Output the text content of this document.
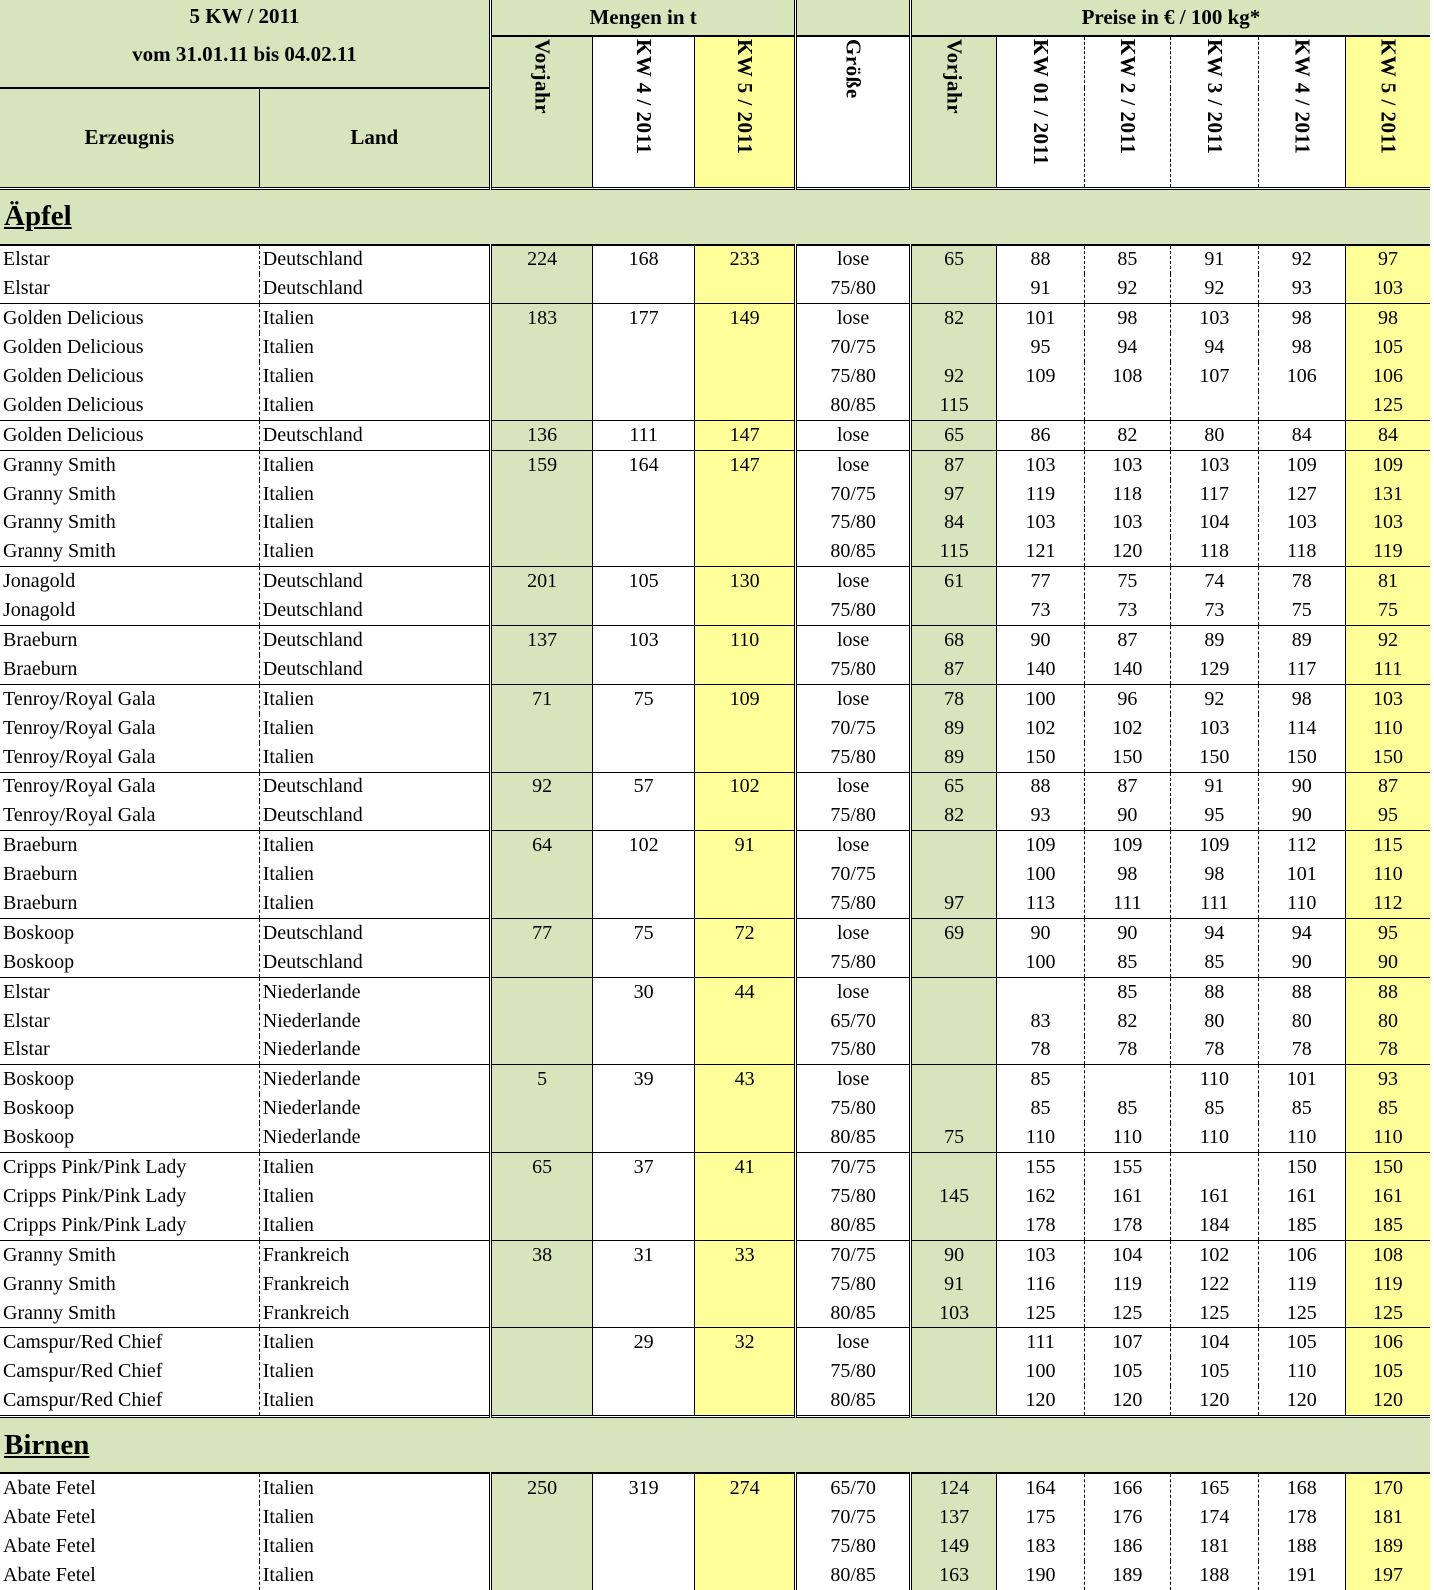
5 KW / 2011
vom 31.01.11 bis 04.02.11		Mengen in t				Preise in € / 100 kg*					
		Vorjahr	KW 4 / 2011	KW 5 / 2011	Größe	Vorjahr	KW 01 / 2011	KW 2 / 2011	KW 3 / 2011	KW 4 / 2011	KW 5 / 2011
Erzeugnis	Land										
Äpfel											
Elstar	Deutschland	224	168	233	lose	65	88	85	91	92	97
Elstar	Deutschland				75/80		91	92	92	93	103
Golden Delicious	Italien	183	177	149	lose	82	101	98	103	98	98
Golden Delicious	Italien				70/75		95	94	94	98	105
Golden Delicious	Italien				75/80	92	109	108	107	106	106
Golden Delicious	Italien				80/85	115					125
Golden Delicious	Deutschland	136	111	147	lose	65	86	82	80	84	84
Granny Smith	Italien	159	164	147	lose	87	103	103	103	109	109
Granny Smith	Italien				70/75	97	119	118	117	127	131
Granny Smith	Italien				75/80	84	103	103	104	103	103
Granny Smith	Italien				80/85	115	121	120	118	118	119
Jonagold	Deutschland	201	105	130	lose	61	77	75	74	78	81
Jonagold	Deutschland				75/80		73	73	73	75	75
Braeburn	Deutschland	137	103	110	lose	68	90	87	89	89	92
Braeburn	Deutschland				75/80	87	140	140	129	117	111
Tenroy/Royal Gala	Italien	71	75	109	lose	78	100	96	92	98	103
Tenroy/Royal Gala	Italien				70/75	89	102	102	103	114	110
Tenroy/Royal Gala	Italien				75/80	89	150	150	150	150	150
Tenroy/Royal Gala	Deutschland	92	57	102	lose	65	88	87	91	90	87
Tenroy/Royal Gala	Deutschland				75/80	82	93	90	95	90	95
Braeburn	Italien	64	102	91	lose		109	109	109	112	115
Braeburn	Italien				70/75		100	98	98	101	110
Braeburn	Italien				75/80	97	113	111	111	110	112
Boskoop	Deutschland	77	75	72	lose	69	90	90	94	94	95
Boskoop	Deutschland				75/80		100	85	85	90	90
Elstar	Niederlande		30	44	lose			85	88	88	88
Elstar	Niederlande				65/70		83	82	80	80	80
Elstar	Niederlande				75/80		78	78	78	78	78
Boskoop	Niederlande	5	39	43	lose		85		110	101	93
Boskoop	Niederlande				75/80		85	85	85	85	85
Boskoop	Niederlande				80/85	75	110	110	110	110	110
Cripps Pink/Pink Lady	Italien	65	37	41	70/75		155	155		150	150
Cripps Pink/Pink Lady	Italien				75/80	145	162	161	161	161	161
Cripps Pink/Pink Lady	Italien				80/85		178	178	184	185	185
Granny Smith	Frankreich	38	31	33	70/75	90	103	104	102	106	108
Granny Smith	Frankreich				75/80	91	116	119	122	119	119
Granny Smith	Frankreich				80/85	103	125	125	125	125	125
Camspur/Red Chief	Italien		29	32	lose		111	107	104	105	106
Camspur/Red Chief	Italien				75/80		100	105	105	110	105
Camspur/Red Chief	Italien				80/85		120	120	120	120	120
Birnen											
Abate Fetel	Italien	250	319	274	65/70	124	164	166	165	168	170
Abate Fetel	Italien				70/75	137	175	176	174	178	181
Abate Fetel	Italien				75/80	149	183	186	181	188	189
Abate Fetel	Italien				80/85	163	190	189	188	191	197
